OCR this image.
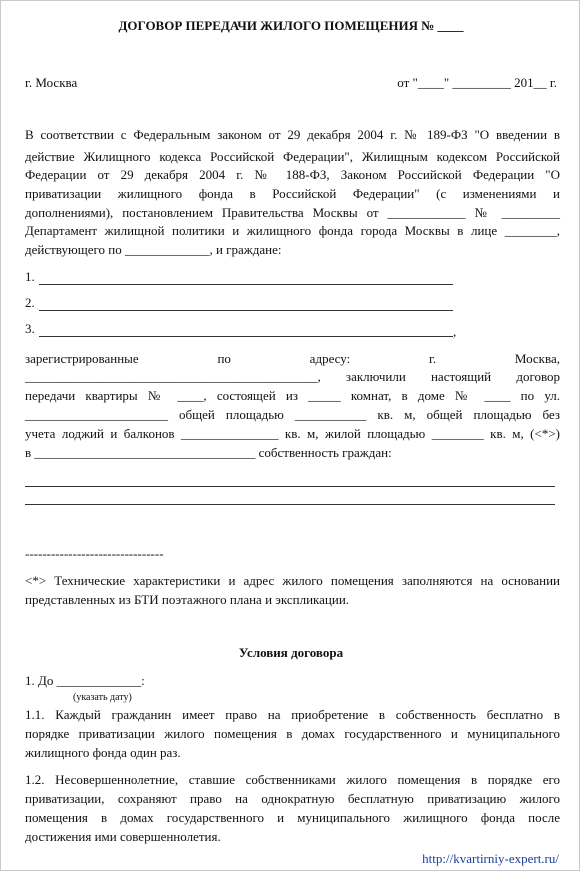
ДОГОВОР ПЕРЕДАЧИ ЖИЛОГО ПОМЕЩЕНИЯ № ____
г. Москва	от "____" _________ 201__ г.
В соответствии с Федеральным законом от 29 декабря 2004 г. № 189-ФЗ "О введении в
действие Жилищного кодекса Российской Федерации", Жилищным кодексом Российской
Федерации от 29 декабря 2004 г. № 188-ФЗ, Законом Российской Федерации "О
приватизации жилищного фонда в Российской Федерации" (с изменениями и
дополнениями), постановлением Правительства Москвы от ____________ № _________
Департамент жилищной политики и жилищного фонда города Москвы в лице ________,
действующего по _____________, и граждане:
1.
2.
3.	,
зарегистрированные по адресу: г. Москва,
_____________________________________________, заключили настоящий договор
передачи квартиры № ____, состоящей из _____ комнат, в доме № ____ по ул.
______________________ общей площадью ___________ кв. м, общей площадью без
учета лоджий и балконов _______________ кв. м, жилой площадью ________ кв. м, (<*>)
в __________________________________ собственность граждан:
--------------------------------
<*> Технические характеристики и адрес жилого помещения заполняются на основании
представленных из БТИ поэтажного плана и экспликации.
Условия договора
1. До _____________:
(указать дату)
1.1. Каждый гражданин имеет право на приобретение в собственность бесплатно в
порядке приватизации жилого помещения в домах государственного и муниципального
жилищного фонда один раз.
1.2. Несовершеннолетние, ставшие собственниками жилого помещения в порядке его
приватизации, сохраняют право на однократную бесплатную приватизацию жилого
помещения в домах государственного и муниципального жилищного фонда после
достижения ими совершеннолетия.
http://kvartirniy-expert.ru/
